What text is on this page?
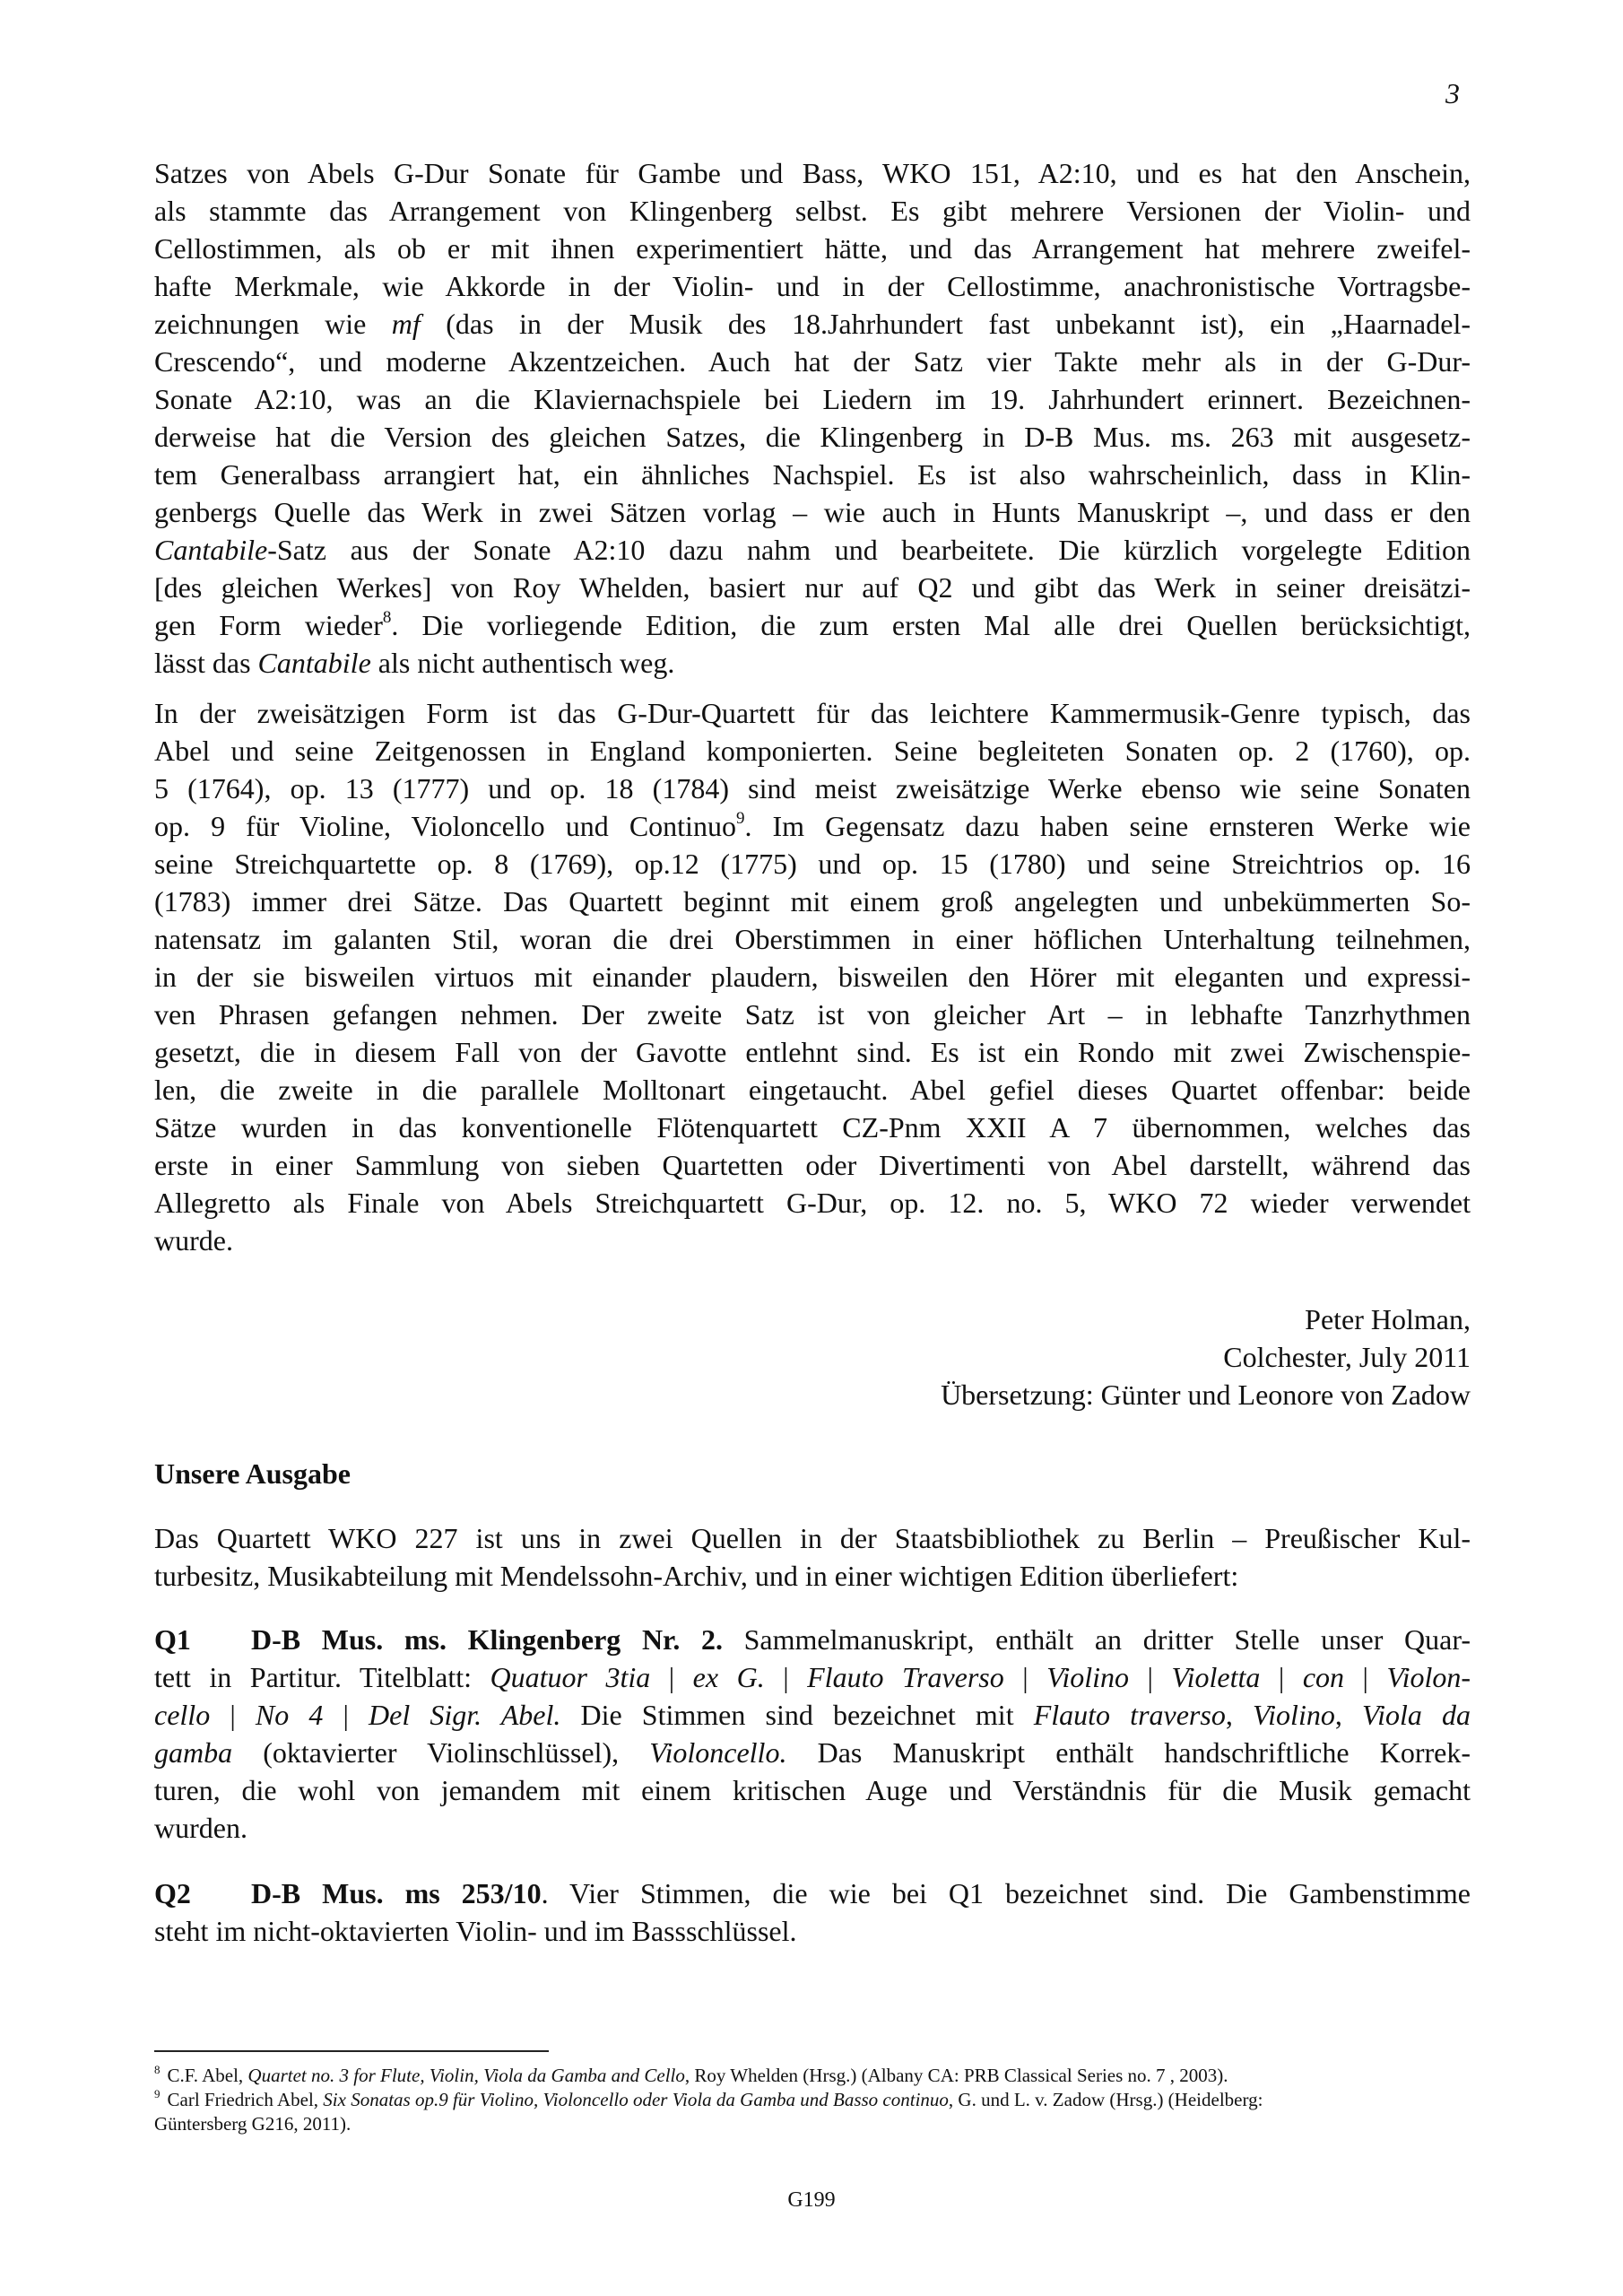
3
Satzes von Abels G-Dur Sonate für Gambe und Bass, WKO 151, A2:10, und es hat den Anschein,
als stammte das Arrangement von Klingenberg selbst. Es gibt mehrere Versionen der Violin- und
Cellostimmen, als ob er mit ihnen experimentiert hätte, und das Arrangement hat mehrere zweifel-
hafte Merkmale, wie Akkorde in der Violin- und in der Cellostimme, anachronistische Vortragsbe-
zeichnungen wie mf (das in der Musik des 18.Jahrhundert fast unbekannt ist), ein „Haarnadel-
Crescendo“, und moderne Akzentzeichen. Auch hat der Satz vier Takte mehr als in der G-Dur-
Sonate A2:10, was an die Klaviernachspiele bei Liedern im 19. Jahrhundert erinnert. Bezeichnen-
derweise hat die Version des gleichen Satzes, die Klingenberg in D-B Mus. ms. 263 mit ausgesetz-
tem Generalbass arrangiert hat, ein ähnliches Nachspiel. Es ist also wahrscheinlich, dass in Klin-
genbergs Quelle das Werk in zwei Sätzen vorlag – wie auch in Hunts Manuskript –, und dass er den
Cantabile-Satz aus der Sonate A2:10 dazu nahm und bearbeitete. Die kürzlich vorgelegte Edition
[des gleichen Werkes] von Roy Whelden, basiert nur auf Q2 und gibt das Werk in seiner dreisätzi-
gen Form wieder$^8$. Die vorliegende Edition, die zum ersten Mal alle drei Quellen berücksichtigt,
lässt das Cantabile als nicht authentisch weg.
In der zweisätzigen Form ist das G-Dur-Quartett für das leichtere Kammermusik-Genre typisch, das
Abel und seine Zeitgenossen in England komponierten. Seine begleiteten Sonaten op. 2 (1760), op.
5 (1764), op. 13 (1777) und op. 18 (1784) sind meist zweisätzige Werke ebenso wie seine Sonaten
op. 9 für Violine, Violoncello und Continuo$^9$. Im Gegensatz dazu haben seine ernsteren Werke wie
seine Streichquartette op. 8 (1769), op.12 (1775) und op. 15 (1780) und seine Streichtrios op. 16
(1783) immer drei Sätze. Das Quartett beginnt mit einem groß angelegten und unbekümmerten So-
natensatz im galanten Stil, woran die drei Oberstimmen in einer höflichen Unterhaltung teilnehmen,
in der sie bisweilen virtuos mit einander plaudern, bisweilen den Hörer mit eleganten und expressi-
ven Phrasen gefangen nehmen. Der zweite Satz ist von gleicher Art – in lebhafte Tanzrhythmen
gesetzt, die in diesem Fall von der Gavotte entlehnt sind. Es ist ein Rondo mit zwei Zwischenspie-
len, die zweite in die parallele Molltonart eingetaucht. Abel gefiel dieses Quartet offenbar: beide
Sätze wurden in das konventionelle Flötenquartett CZ-Pnm XXII A 7 übernommen, welches das
erste in einer Sammlung von sieben Quartetten oder Divertimenti von Abel darstellt, während das
Allegretto als Finale von Abels Streichquartett G-Dur, op. 12. no. 5, WKO 72 wieder verwendet
wurde.
Peter Holman,
Colchester, July 2011
Übersetzung: Günter und Leonore von Zadow
Unsere Ausgabe
Das Quartett WKO 227 ist uns in zwei Quellen in der Staatsbibliothek zu Berlin – Preußischer Kul-
turbesitz, Musikabteilung mit Mendelssohn-Archiv, und in einer wichtigen Edition überliefert:
Q1 D-B Mus. ms. Klingenberg Nr. 2. Sammelmanuskript, enthält an dritter Stelle unser Quar-
tett in Partitur. Titelblatt: Quatuor 3tia | ex G. | Flauto Traverso | Violino | Violetta | con | Violon-
cello | No 4 | Del Sigr. Abel. Die Stimmen sind bezeichnet mit Flauto traverso, Violino, Viola da
gamba (oktavierter Violinschlüssel), Violoncello. Das Manuskript enthält handschriftliche Korrek-
turen, die wohl von jemandem mit einem kritischen Auge und Verständnis für die Musik gemacht
wurden.
Q2 D-B Mus. ms 253/10. Vier Stimmen, die wie bei Q1 bezeichnet sind. Die Gambenstimme
steht im nicht-oktavierten Violin- und im Bassschlüssel.
$^8$ C.F. Abel, Quartet no. 3 for Flute, Violin, Viola da Gamba and Cello, Roy Whelden (Hrsg.) (Albany CA: PRB Classical Series no. 7 , 2003).
$^9$ Carl Friedrich Abel, Six Sonatas op.9 für Violino, Violoncello oder Viola da Gamba und Basso continuo, G. und L. v. Zadow (Hrsg.) (Heidelberg:
Güntersberg G216, 2011).
G199
